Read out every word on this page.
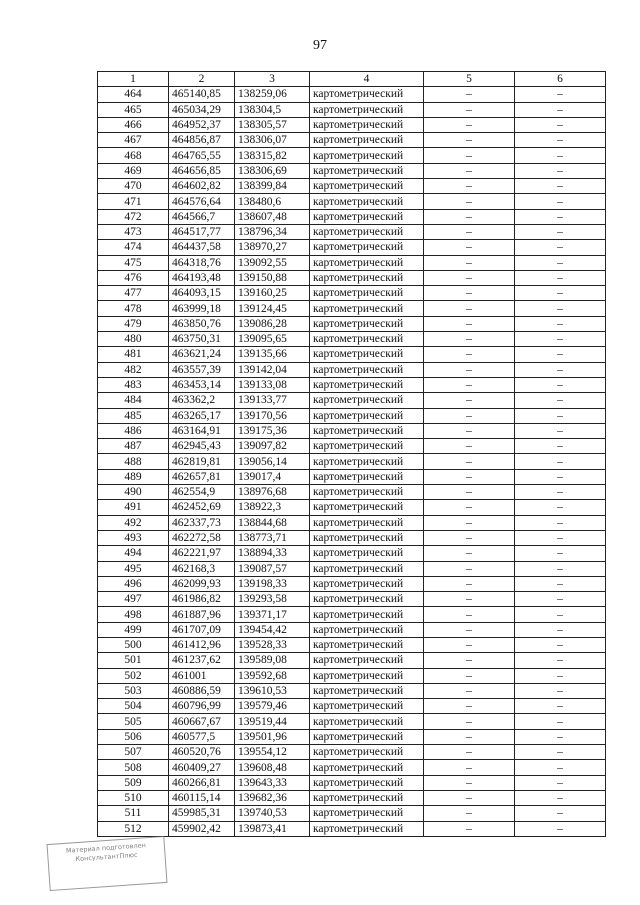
97
1	2	3	4	5	6
464	465140,85	138259,06	картометрический	–	–
465	465034,29	138304,5	картометрический	–	–
466	464952,37	138305,57	картометрический	–	–
467	464856,87	138306,07	картометрический	–	–
468	464765,55	138315,82	картометрический	–	–
469	464656,85	138306,69	картометрический	–	–
470	464602,82	138399,84	картометрический	–	–
471	464576,64	138480,6	картометрический	–	–
472	464566,7	138607,48	картометрический	–	–
473	464517,77	138796,34	картометрический	–	–
474	464437,58	138970,27	картометрический	–	–
475	464318,76	139092,55	картометрический	–	–
476	464193,48	139150,88	картометрический	–	–
477	464093,15	139160,25	картометрический	–	–
478	463999,18	139124,45	картометрический	–	–
479	463850,76	139086,28	картометрический	–	–
480	463750,31	139095,65	картометрический	–	–
481	463621,24	139135,66	картометрический	–	–
482	463557,39	139142,04	картометрический	–	–
483	463453,14	139133,08	картометрический	–	–
484	463362,2	139133,77	картометрический	–	–
485	463265,17	139170,56	картометрический	–	–
486	463164,91	139175,36	картометрический	–	–
487	462945,43	139097,82	картометрический	–	–
488	462819,81	139056,14	картометрический	–	–
489	462657,81	139017,4	картометрический	–	–
490	462554,9	138976,68	картометрический	–	–
491	462452,69	138922,3	картометрический	–	–
492	462337,73	138844,68	картометрический	–	–
493	462272,58	138773,71	картометрический	–	–
494	462221,97	138894,33	картометрический	–	–
495	462168,3	139087,57	картометрический	–	–
496	462099,93	139198,33	картометрический	–	–
497	461986,82	139293,58	картометрический	–	–
498	461887,96	139371,17	картометрический	–	–
499	461707,09	139454,42	картометрический	–	–
500	461412,96	139528,33	картометрический	–	–
501	461237,62	139589,08	картометрический	–	–
502	461001	139592,68	картометрический	–	–
503	460886,59	139610,53	картометрический	–	–
504	460796,99	139579,46	картометрический	–	–
505	460667,67	139519,44	картометрический	–	–
506	460577,5	139501,96	картометрический	–	–
507	460520,76	139554,12	картометрический	–	–
508	460409,27	139608,48	картометрический	–	–
509	460266,81	139643,33	картометрический	–	–
510	460115,14	139682,36	картометрический	–	–
511	459985,31	139740,53	картометрический	–	–
512	459902,42	139873,41	картометрический	–	–
Материал подготовлен КонсультантПлюс
